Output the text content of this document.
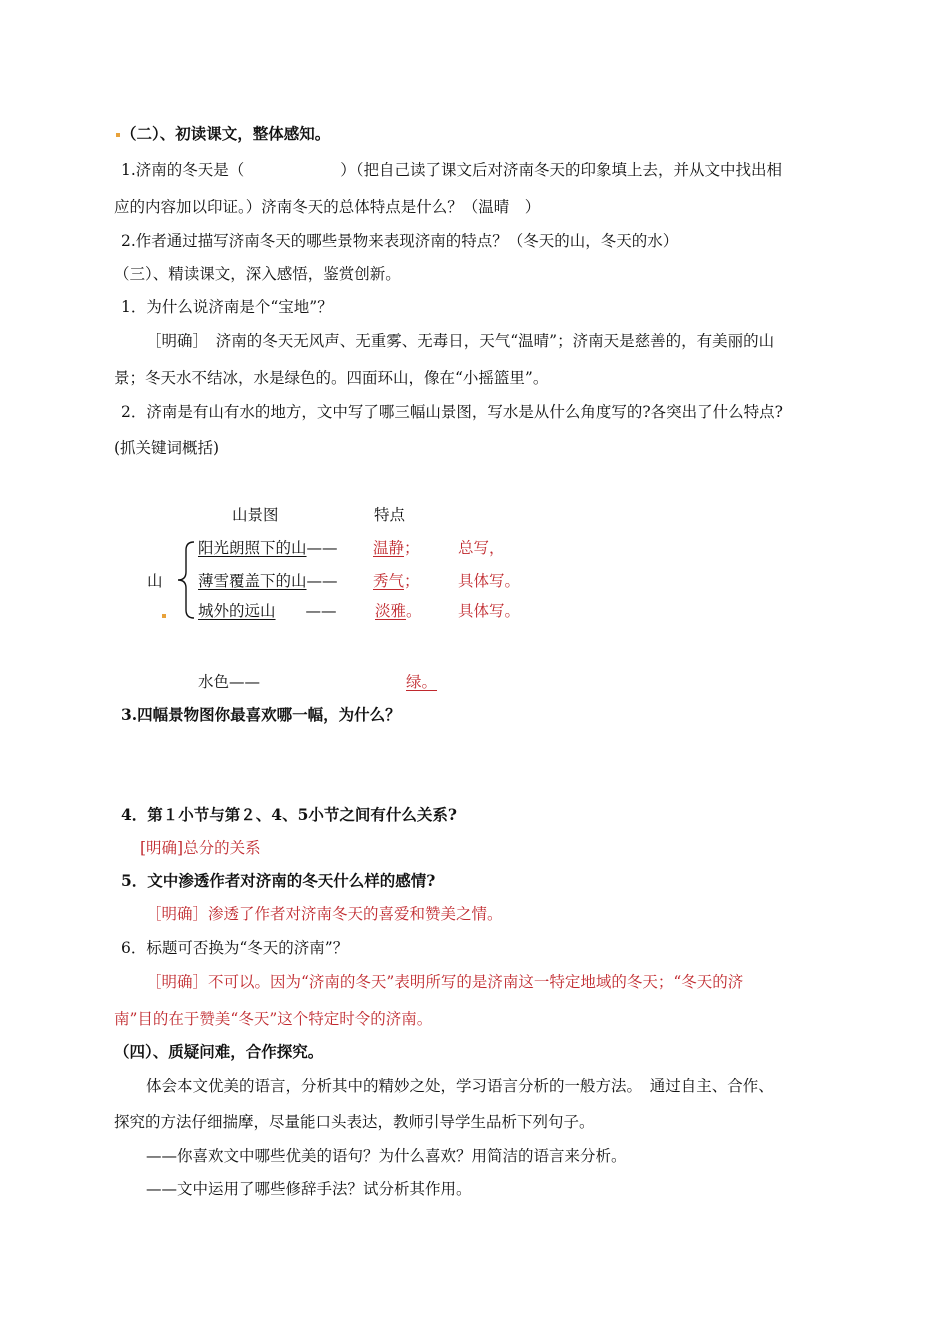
（二）、初读课文，整体感知。
1.济南的冬天是（	）（把自己读了课文后对济南冬天的印象填上去，并从文中找出相
应的内容加以印证。）济南冬天的总体特点是什么？（温晴　）
2.作者通过描写济南冬天的哪些景物来表现济南的特点？（冬天的山，冬天的水）
（三）、精读课文，深入感悟，鉴赏创新。
1．为什么说济南是个“宝地”？
［明确］　济南的冬天无风声、无重雾、无毒日，天气“温晴”；济南天是慈善的，有美丽的山
景；冬天水不结冰，水是绿色的。四面环山，像在“小摇篮里”。
2．济南是有山有水的地方，文中写了哪三幅山景图，写水是从什么角度写的?各突出了什么特点?
(抓关键词概括)
山景图	特点
山
阳光朗照下的山——	温静； 总写，
薄雪覆盖下的山——	秀气； 具体写。
城外的远山 —— 淡雅。 具体写。
水色——	绿。
3.四幅景物图你最喜欢哪一幅，为什么？
4．第１小节与第２、4、5小节之间有什么关系?
[明确]总分的关系
5．文中渗透作者对济南的冬天什么样的感情?
［明确］渗透了作者对济南冬天的喜爱和赞美之情。
6．标题可否换为“冬天的济南”？
［明确］不可以。因为“济南的冬天”表明所写的是济南这一特定地域的冬天；“冬天的济
南”目的在于赞美“冬天”这个特定时令的济南。
（四）、质疑问难，合作探究。
体会本文优美的语言，分析其中的精妙之处，学习语言分析的一般方法。　通过自主、合作、
探究的方法仔细揣摩，尽量能口头表达，教师引导学生品析下列句子。
——你喜欢文中哪些优美的语句？为什么喜欢？用简洁的语言来分析。
——文中运用了哪些修辞手法？试分析其作用。
